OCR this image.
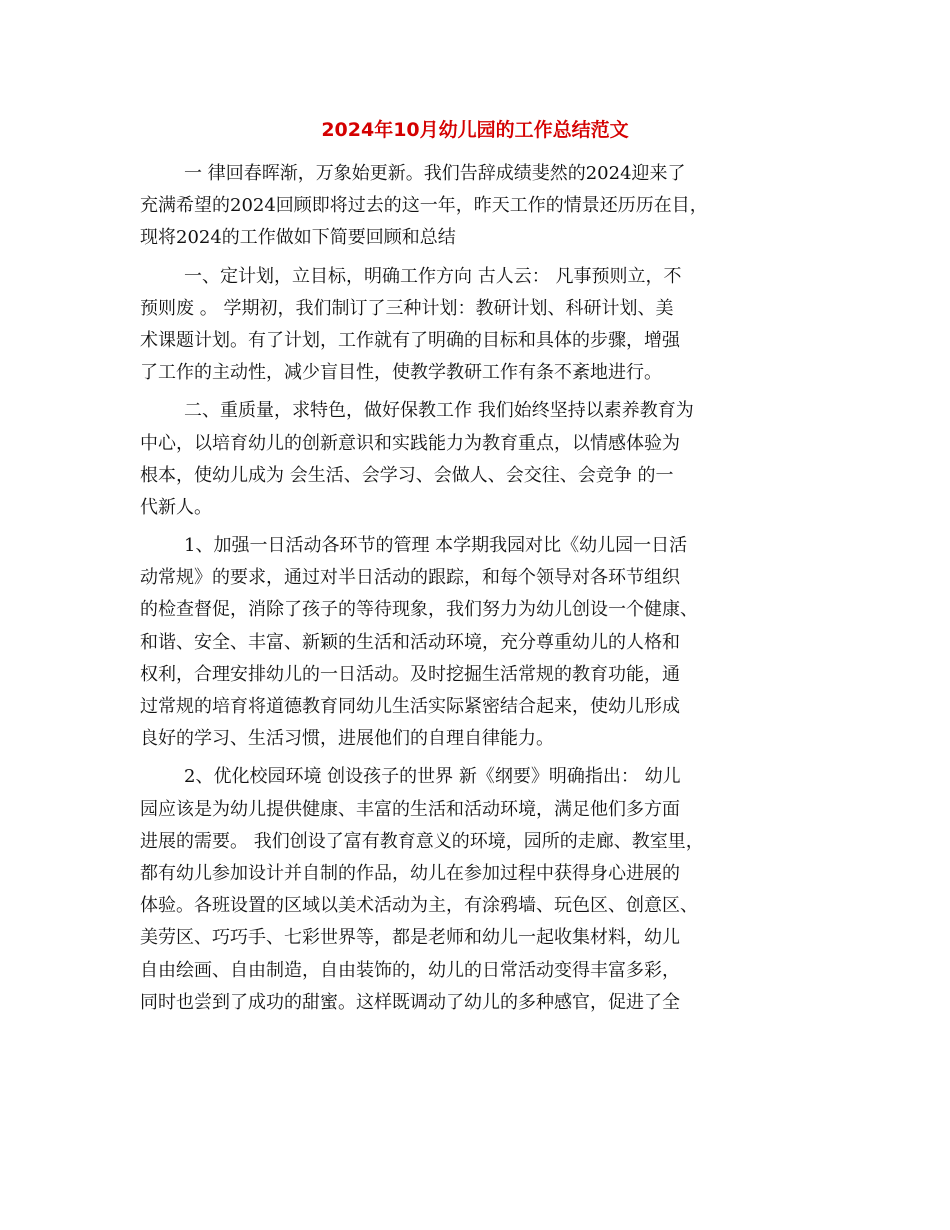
2024年10月幼儿园的工作总结范文

一 律回春晖渐，万象始更新。我们告辞成绩斐然的2024迎来了
充满希望的2024回顾即将过去的这一年，昨天工作的情景还历历在目，
现将2024的工作做如下简要回顾和总结

一、定计划，立目标，明确工作方向 古人云： 凡事预则立，不
预则废 。 学期初，我们制订了三种计划：教研计划、科研计划、美
术课题计划。有了计划，工作就有了明确的目标和具体的步骤，增强
了工作的主动性，减少盲目性，使教学教研工作有条不紊地进行。

二、重质量，求特色，做好保教工作 我们始终坚持以素养教育为
中心，以培育幼儿的创新意识和实践能力为教育重点，以情感体验为
根本，使幼儿成为 会生活、会学习、会做人、会交往、会竞争 的一
代新人。

1、加强一日活动各环节的管理 本学期我园对比《幼儿园一日活
动常规》的要求，通过对半日活动的跟踪，和每个领导对各环节组织
的检查督促，消除了孩子的等待现象，我们努力为幼儿创设一个健康、
和谐、安全、丰富、新颖的生活和活动环境，充分尊重幼儿的人格和
权利，合理安排幼儿的一日活动。及时挖掘生活常规的教育功能，通
过常规的培育将道德教育同幼儿生活实际紧密结合起来，使幼儿形成
良好的学习、生活习惯，进展他们的自理自律能力。

2、优化校园环境 创设孩子的世界 新《纲要》明确指出： 幼儿
园应该是为幼儿提供健康、丰富的生活和活动环境，满足他们多方面
进展的需要。 我们创设了富有教育意义的环境，园所的走廊、教室里，
都有幼儿参加设计并自制的作品，幼儿在参加过程中获得身心进展的
体验。各班设置的区域以美术活动为主，有涂鸦墙、玩色区、创意区、
美劳区、巧巧手、七彩世界等，都是老师和幼儿一起收集材料，幼儿
自由绘画、自由制造，自由装饰的，幼儿的日常活动变得丰富多彩，
同时也尝到了成功的甜蜜。这样既调动了幼儿的多种感官，促进了全
